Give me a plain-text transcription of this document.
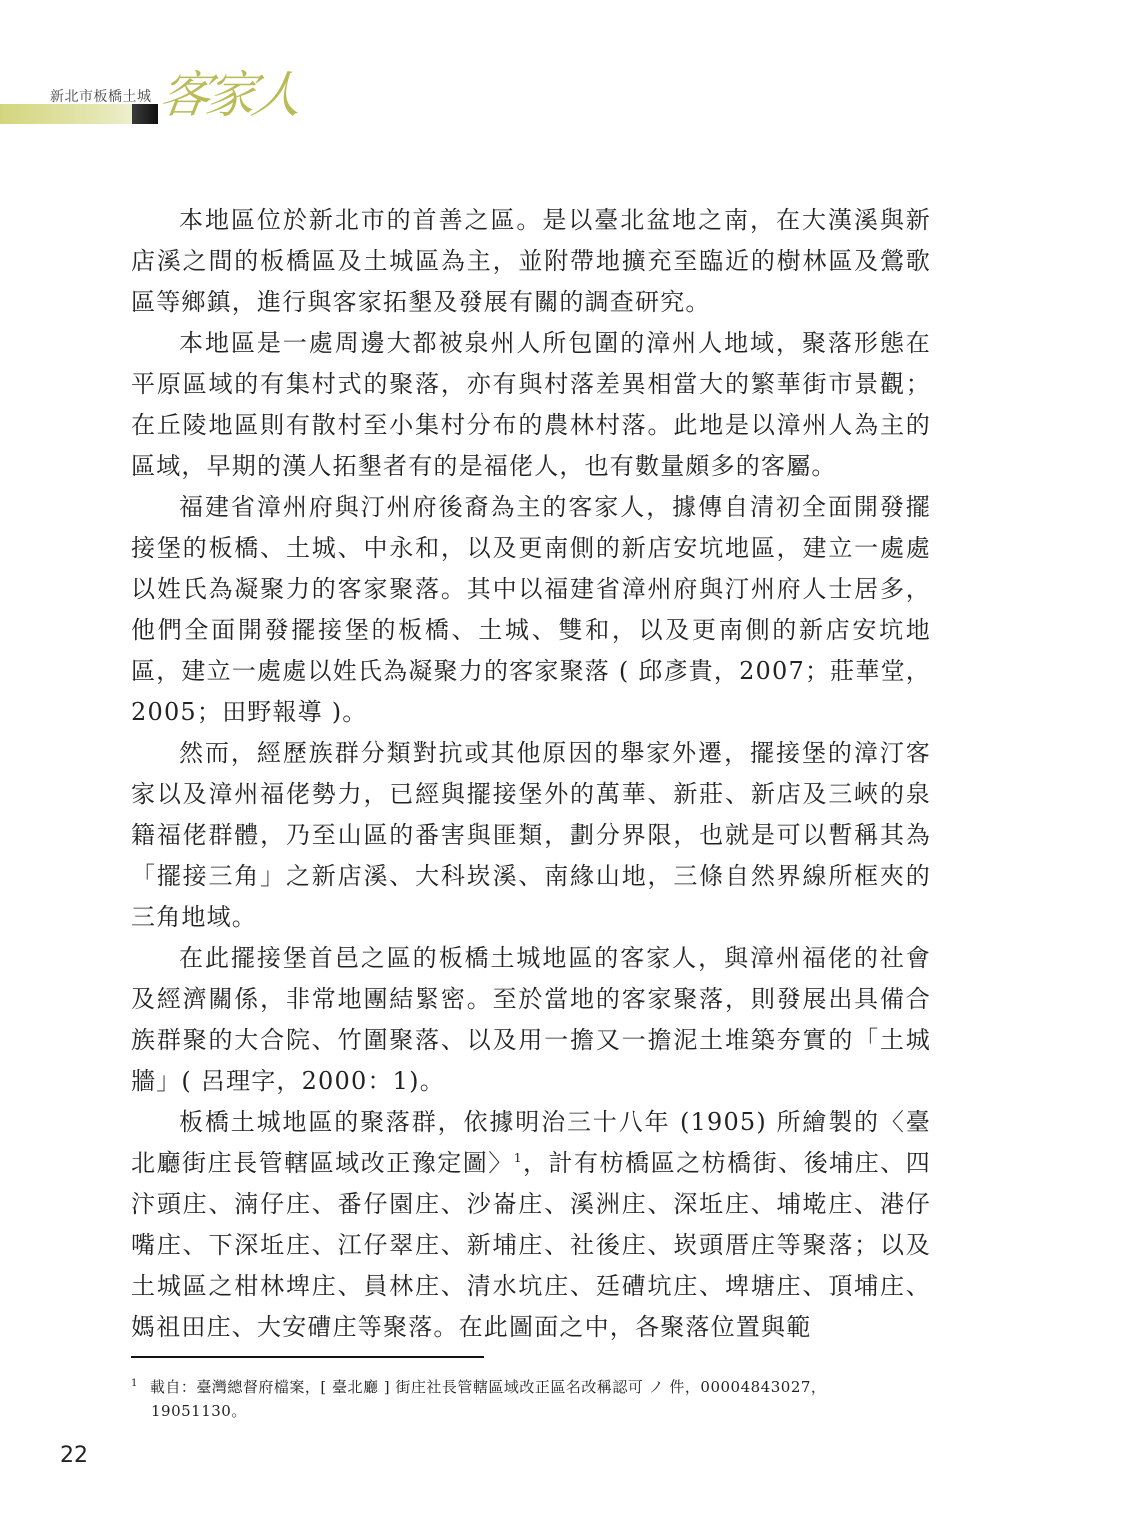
新北市板橋土城 客家人

本地區位於新北市的首善之區。是以臺北盆地之南，在大漢溪與新店溪之間的板橋區及土城區為主，並附帶地擴充至臨近的樹林區及鶯歌區等鄉鎮，進行與客家拓墾及發展有關的調查研究。

本地區是一處周邊大都被泉州人所包圍的漳州人地域，聚落形態在平原區域的有集村式的聚落，亦有與村落差異相當大的繁華街市景觀；在丘陵地區則有散村至小集村分布的農林村落。此地是以漳州人為主的區域，早期的漢人拓墾者有的是福佬人，也有數量頗多的客屬。

福建省漳州府與汀州府後裔為主的客家人，據傳自清初全面開發擺接堡的板橋、土城、中永和，以及更南側的新店安坑地區，建立一處處以姓氏為凝聚力的客家聚落。其中以福建省漳州府與汀州府人士居多，他們全面開發擺接堡的板橋、土城、雙和，以及更南側的新店安坑地區，建立一處處以姓氏為凝聚力的客家聚落 ( 邱彥貴，2007；莊華堂，2005；田野報導 )。

然而，經歷族群分類對抗或其他原因的舉家外遷，擺接堡的漳汀客家以及漳州福佬勢力，已經與擺接堡外的萬華、新莊、新店及三峽的泉籍福佬群體，乃至山區的番害與匪類，劃分界限，也就是可以暫稱其為「擺接三角」之新店溪、大科崁溪、南緣山地，三條自然界線所框夾的三角地域。

在此擺接堡首邑之區的板橋土城地區的客家人，與漳州福佬的社會及經濟關係，非常地團結緊密。至於當地的客家聚落，則發展出具備合族群聚的大合院、竹圍聚落、以及用一擔又一擔泥土堆築夯實的「土城牆」( 呂理字，2000：1)。

板橋土城地區的聚落群，依據明治三十八年 (1905) 所繪製的〈臺北廳街庄長管轄區域改正豫定圖〉$^1$，計有枋橋區之枋橋街、後埔庄、四汴頭庄、湳仔庄、番仔園庄、沙崙庄、溪洲庄、深坵庄、埔墘庄、港仔嘴庄、下深坵庄、江仔翠庄、新埔庄、社後庄、崁頭厝庄等聚落；以及土城區之柑林埤庄、員林庄、清水坑庄、廷𥕢坑庄、埤塘庄、頂埔庄、媽祖田庄、大安𥕢庄等聚落。在此圖面之中，各聚落位置與範

$^1$ 載自：臺灣總督府檔案，[ 臺北廳 ] 街庄社長管轄區域改正區名改稱認可 ノ 件，00004843027，
19051130。
22
